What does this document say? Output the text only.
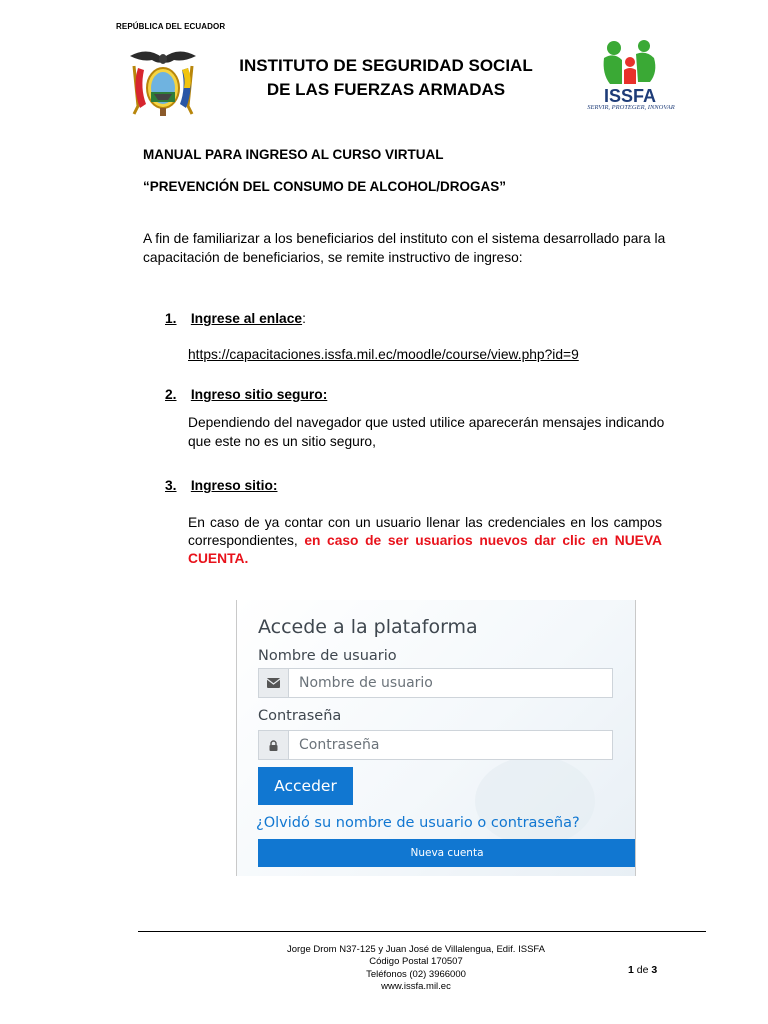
REPÚBLICA DEL ECUADOR
INSTITUTO DE SEGURIDAD SOCIAL
DE LAS FUERZAS ARMADAS	ISSFA
SERVIR, PROTEGER, INNOVAR
MANUAL PARA INGRESO AL CURSO VIRTUAL
“PREVENCIÓN DEL CONSUMO DE ALCOHOL/DROGAS”
A fin de familiarizar a los beneficiarios del instituto con el sistema desarrollado para la capacitación de beneficiarios, se remite instructivo de ingreso:
1. Ingrese al enlace:
https://capacitaciones.issfa.mil.ec/moodle/course/view.php?id=9
2. Ingreso sitio seguro:
Dependiendo del navegador que usted utilice aparecerán mensajes indicando que este no es un sitio seguro,
3. Ingreso sitio:
En caso de ya contar con un usuario llenar las credenciales en los campos correspondientes, en caso de ser usuarios nuevos dar clic en NUEVA CUENTA.
Accede a la plataforma
Nombre de usuario
Nombre de usuario
Contraseña
Acceder
¿Olvidó su nombre de usuario o contraseña?
Nueva cuenta
Jorge Drom N37-125 y Juan José de Villalengua, Edif. ISSFA
Código Postal 170507
Teléfonos (02) 3966000
www.issfa.mil.ec
1 de 3
